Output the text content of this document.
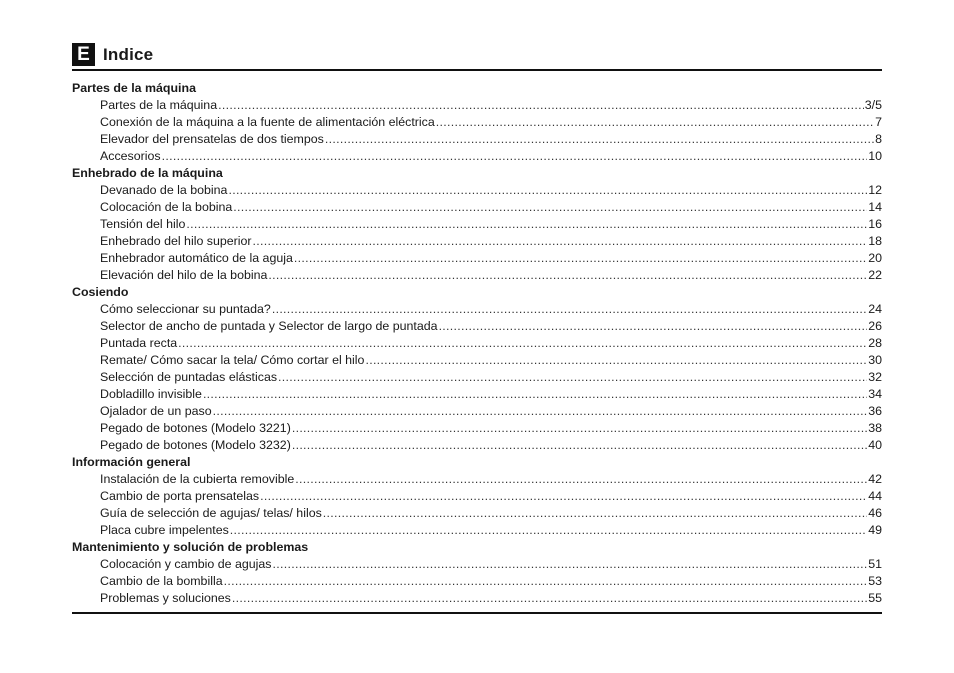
E Indice
Partes de la máquina
Partes de la máquina .....	3/5
Conexión de la máquina a la fuente de alimentación eléctrica .....	7
Elevador del prensatelas de dos tiempos .....	8
Accesorios .....	10
Enhebrado de la máquina
Devanado de la bobina .....	12
Colocación de la bobina .....	14
Tensión del hilo .....	16
Enhebrado del hilo superior .....	18
Enhebrador automático de la aguja .....	20
Elevación del hilo de la bobina .....	22
Cosiendo
Cómo seleccionar su puntada? .....	24
Selector de ancho de puntada y Selector de largo de puntada .....	26
Puntada recta .....	28
Remate/ Cómo sacar la tela/ Cómo cortar el hilo .....	30
Selección de puntadas elásticas .....	32
Dobladillo invisible .....	34
Ojalador de un paso .....	36
Pegado de botones (Modelo 3221) .....	38
Pegado de botones (Modelo 3232) .....	40
Información general
Instalación de la cubierta removible .....	42
Cambio de porta prensatelas .....	44
Guía de selección de agujas/ telas/ hilos .....	46
Placa cubre impelentes .....	49
Mantenimiento y solución de problemas
Colocación y cambio de agujas .....	51
Cambio de la bombilla .....	53
Problemas y soluciones .....	55
